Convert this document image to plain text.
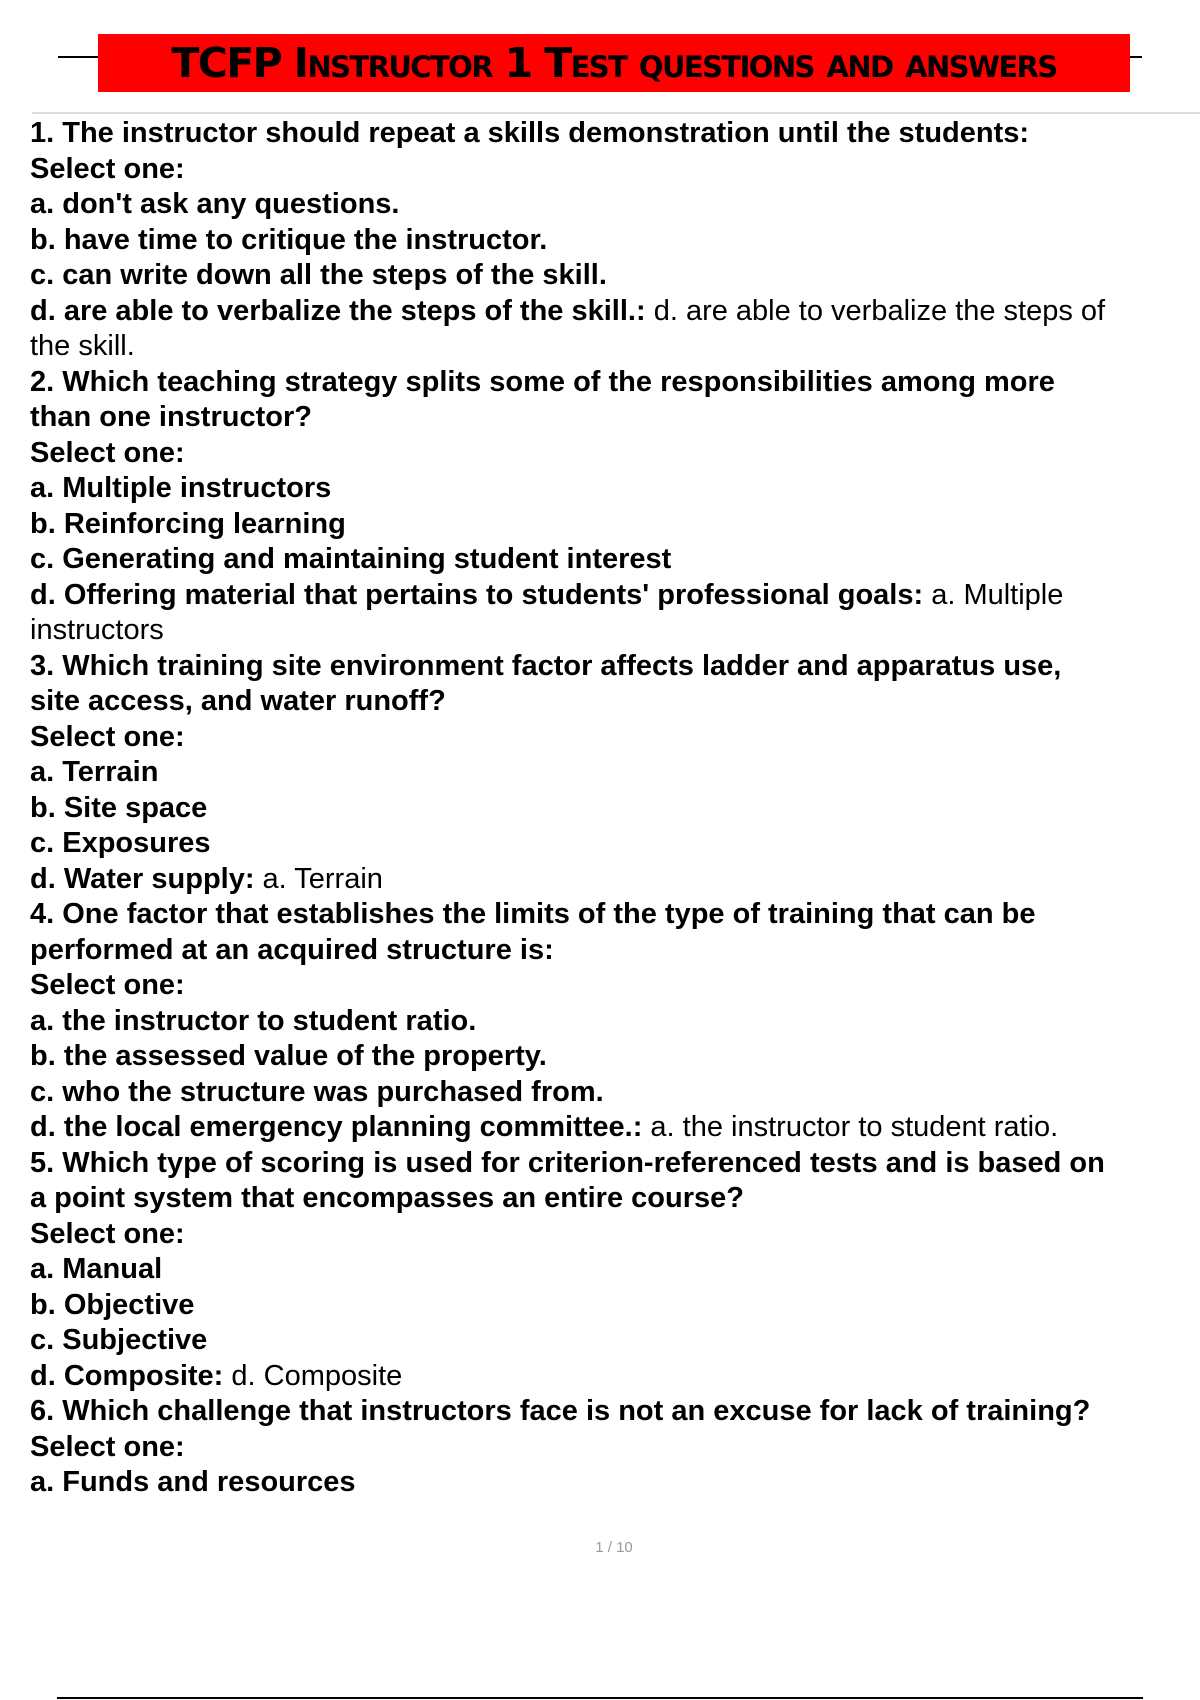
TCFP Instructor 1 Test questions and answers
1. The instructor should repeat a skills demonstration until the students:
Select one:
a. don't ask any questions.
b. have time to critique the instructor.
c. can write down all the steps of the skill.
d. are able to verbalize the steps of the skill.: d. are able to verbalize the steps of
the skill.
2. Which teaching strategy splits some of the responsibilities among more
than one instructor?
Select one:
a. Multiple instructors
b. Reinforcing learning
c. Generating and maintaining student interest
d. Offering material that pertains to students' professional goals: a. Multiple
instructors
3. Which training site environment factor affects ladder and apparatus use,
site access, and water runoff?
Select one:
a. Terrain
b. Site space
c. Exposures
d. Water supply: a. Terrain
4. One factor that establishes the limits of the type of training that can be
performed at an acquired structure is:
Select one:
a. the instructor to student ratio.
b. the assessed value of the property.
c. who the structure was purchased from.
d. the local emergency planning committee.: a. the instructor to student ratio.
5. Which type of scoring is used for criterion-referenced tests and is based on
a point system that encompasses an entire course?
Select one:
a. Manual
b. Objective
c. Subjective
d. Composite: d. Composite
6. Which challenge that instructors face is not an excuse for lack of training?
Select one:
a. Funds and resources
1 / 10
